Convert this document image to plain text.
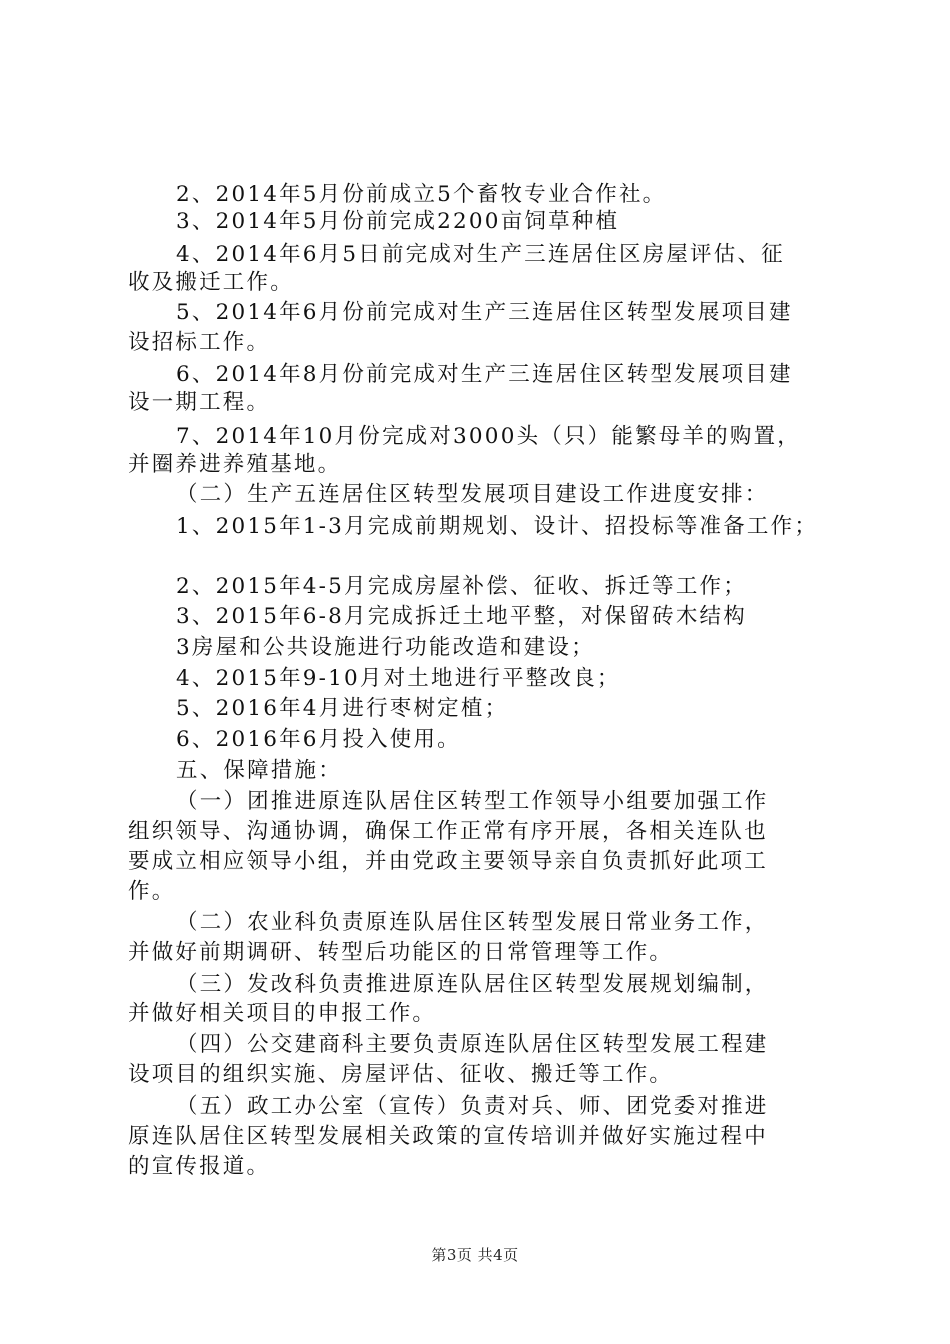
2、2014年5月份前成立5个畜牧专业合作社。
3、2014年5月份前完成2200亩饲草种植
4、2014年6月5日前完成对生产三连居住区房屋评估、征
收及搬迁工作。
5、2014年6月份前完成对生产三连居住区转型发展项目建
设招标工作。
6、2014年8月份前完成对生产三连居住区转型发展项目建
设一期工程。
7、2014年10月份完成对3000头（只）能繁母羊的购置，
并圈养进养殖基地。
（二）生产五连居住区转型发展项目建设工作进度安排：
1、2015年1-3月完成前期规划、设计、招投标等准备工作；
2、2015年4-5月完成房屋补偿、征收、拆迁等工作；
3、2015年6-8月完成拆迁土地平整，对保留砖木结构
3房屋和公共设施进行功能改造和建设；
4、2015年9-10月对土地进行平整改良；
5、2016年4月进行枣树定植；
6、2016年6月投入使用。
五、保障措施：
（一）团推进原连队居住区转型工作领导小组要加强工作
组织领导、沟通协调，确保工作正常有序开展，各相关连队也
要成立相应领导小组，并由党政主要领导亲自负责抓好此项工
作。
（二）农业科负责原连队居住区转型发展日常业务工作，
并做好前期调研、转型后功能区的日常管理等工作。
（三）发改科负责推进原连队居住区转型发展规划编制，
并做好相关项目的申报工作。
（四）公交建商科主要负责原连队居住区转型发展工程建
设项目的组织实施、房屋评估、征收、搬迁等工作。
（五）政工办公室（宣传）负责对兵、师、团党委对推进
原连队居住区转型发展相关政策的宣传培训并做好实施过程中
的宣传报道。
第3页 共4页
